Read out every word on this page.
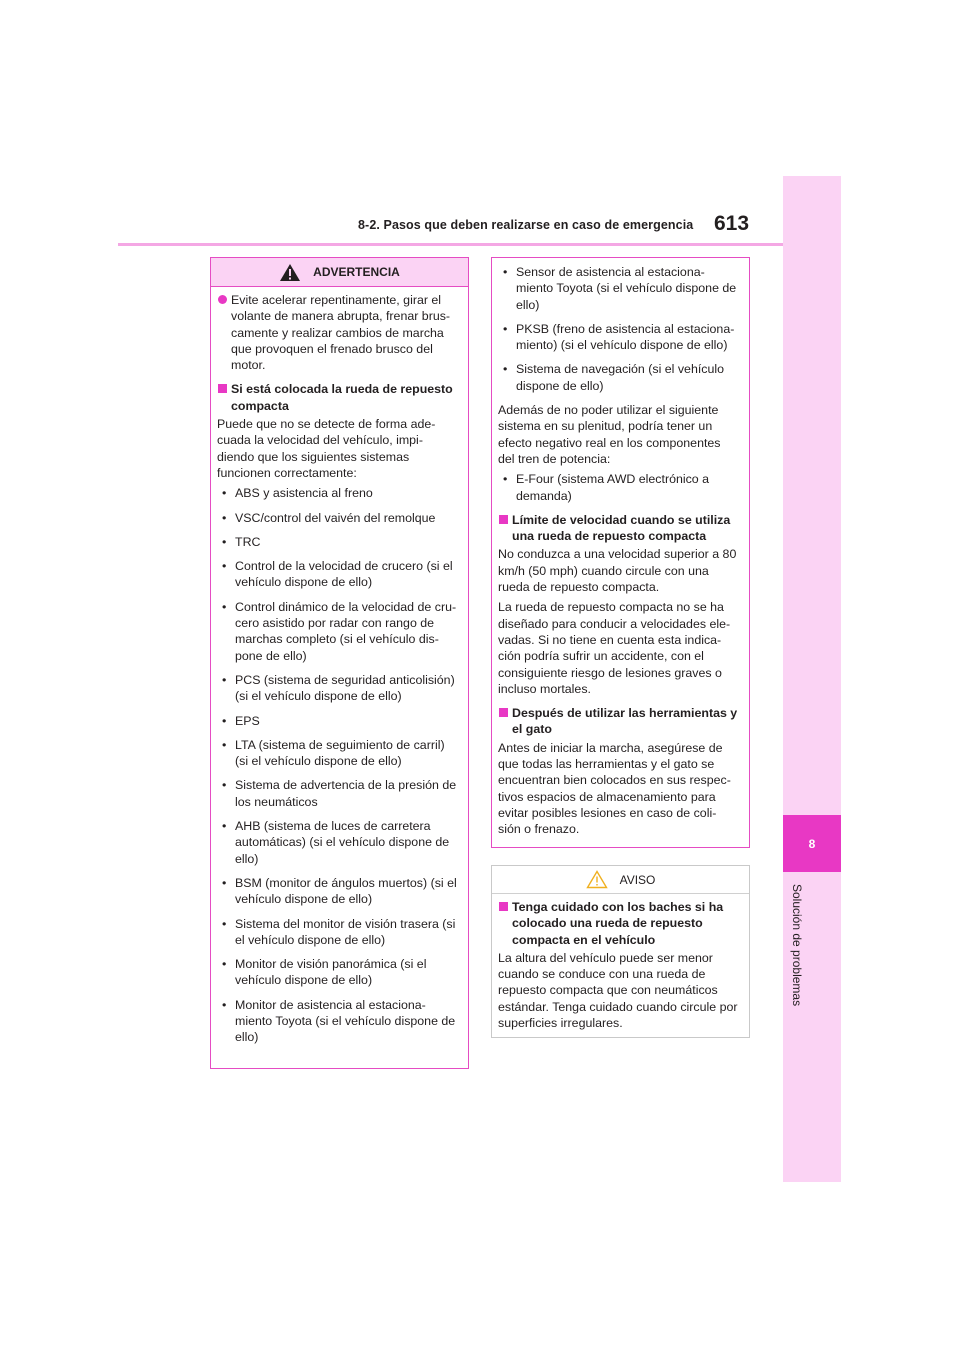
8-2. Pasos que deben realizarse en caso de emergencia 613
8
Solución de problemas
ADVERTENCIA
Evite acelerar repentinamente, girar el volante de manera abrupta, frenar brus-camente y realizar cambios de marcha que provoquen el frenado brusco del motor.
Si está colocada la rueda de repuesto compacta
Puede que no se detecte de forma ade-cuada la velocidad del vehículo, impi-diendo que los siguientes sistemas funcionen correctamente:
• ABS y asistencia al freno
• VSC/control del vaivén del remolque
• TRC
• Control de la velocidad de crucero (si el vehículo dispone de ello)
• Control dinámico de la velocidad de cru-cero asistido por radar con rango de marchas completo (si el vehículo dis-pone de ello)
• PCS (sistema de seguridad anticolisión) (si el vehículo dispone de ello)
• EPS
• LTA (sistema de seguimiento de carril) (si el vehículo dispone de ello)
• Sistema de advertencia de la presión de los neumáticos
• AHB (sistema de luces de carretera automáticas) (si el vehículo dispone de ello)
• BSM (monitor de ángulos muertos) (si el vehículo dispone de ello)
• Sistema del monitor de visión trasera (si el vehículo dispone de ello)
• Monitor de visión panorámica (si el vehículo dispone de ello)
• Monitor de asistencia al estaciona-miento Toyota (si el vehículo dispone de ello)
• Sensor de asistencia al estaciona-miento Toyota (si el vehículo dispone de ello)
• PKSB (freno de asistencia al estaciona-miento) (si el vehículo dispone de ello)
• Sistema de navegación (si el vehículo dispone de ello)
Además de no poder utilizar el siguiente sistema en su plenitud, podría tener un efecto negativo real en los componentes del tren de potencia:
• E-Four (sistema AWD electrónico a demanda)
Límite de velocidad cuando se utiliza una rueda de repuesto compacta
No conduzca a una velocidad superior a 80 km/h (50 mph) cuando circule con una rueda de repuesto compacta.
La rueda de repuesto compacta no se ha diseñado para conducir a velocidades ele-vadas. Si no tiene en cuenta esta indica-ción podría sufrir un accidente, con el consiguiente riesgo de lesiones graves o incluso mortales.
Después de utilizar las herramientas y el gato
Antes de iniciar la marcha, asegúrese de que todas las herramientas y el gato se encuentran bien colocados en sus respec-tivos espacios de almacenamiento para evitar posibles lesiones en caso de coli-sión o frenazo.
AVISO
Tenga cuidado con los baches si ha colocado una rueda de repuesto compacta en el vehículo
La altura del vehículo puede ser menor cuando se conduce con una rueda de repuesto compacta que con neumáticos estándar. Tenga cuidado cuando circule por superficies irregulares.
